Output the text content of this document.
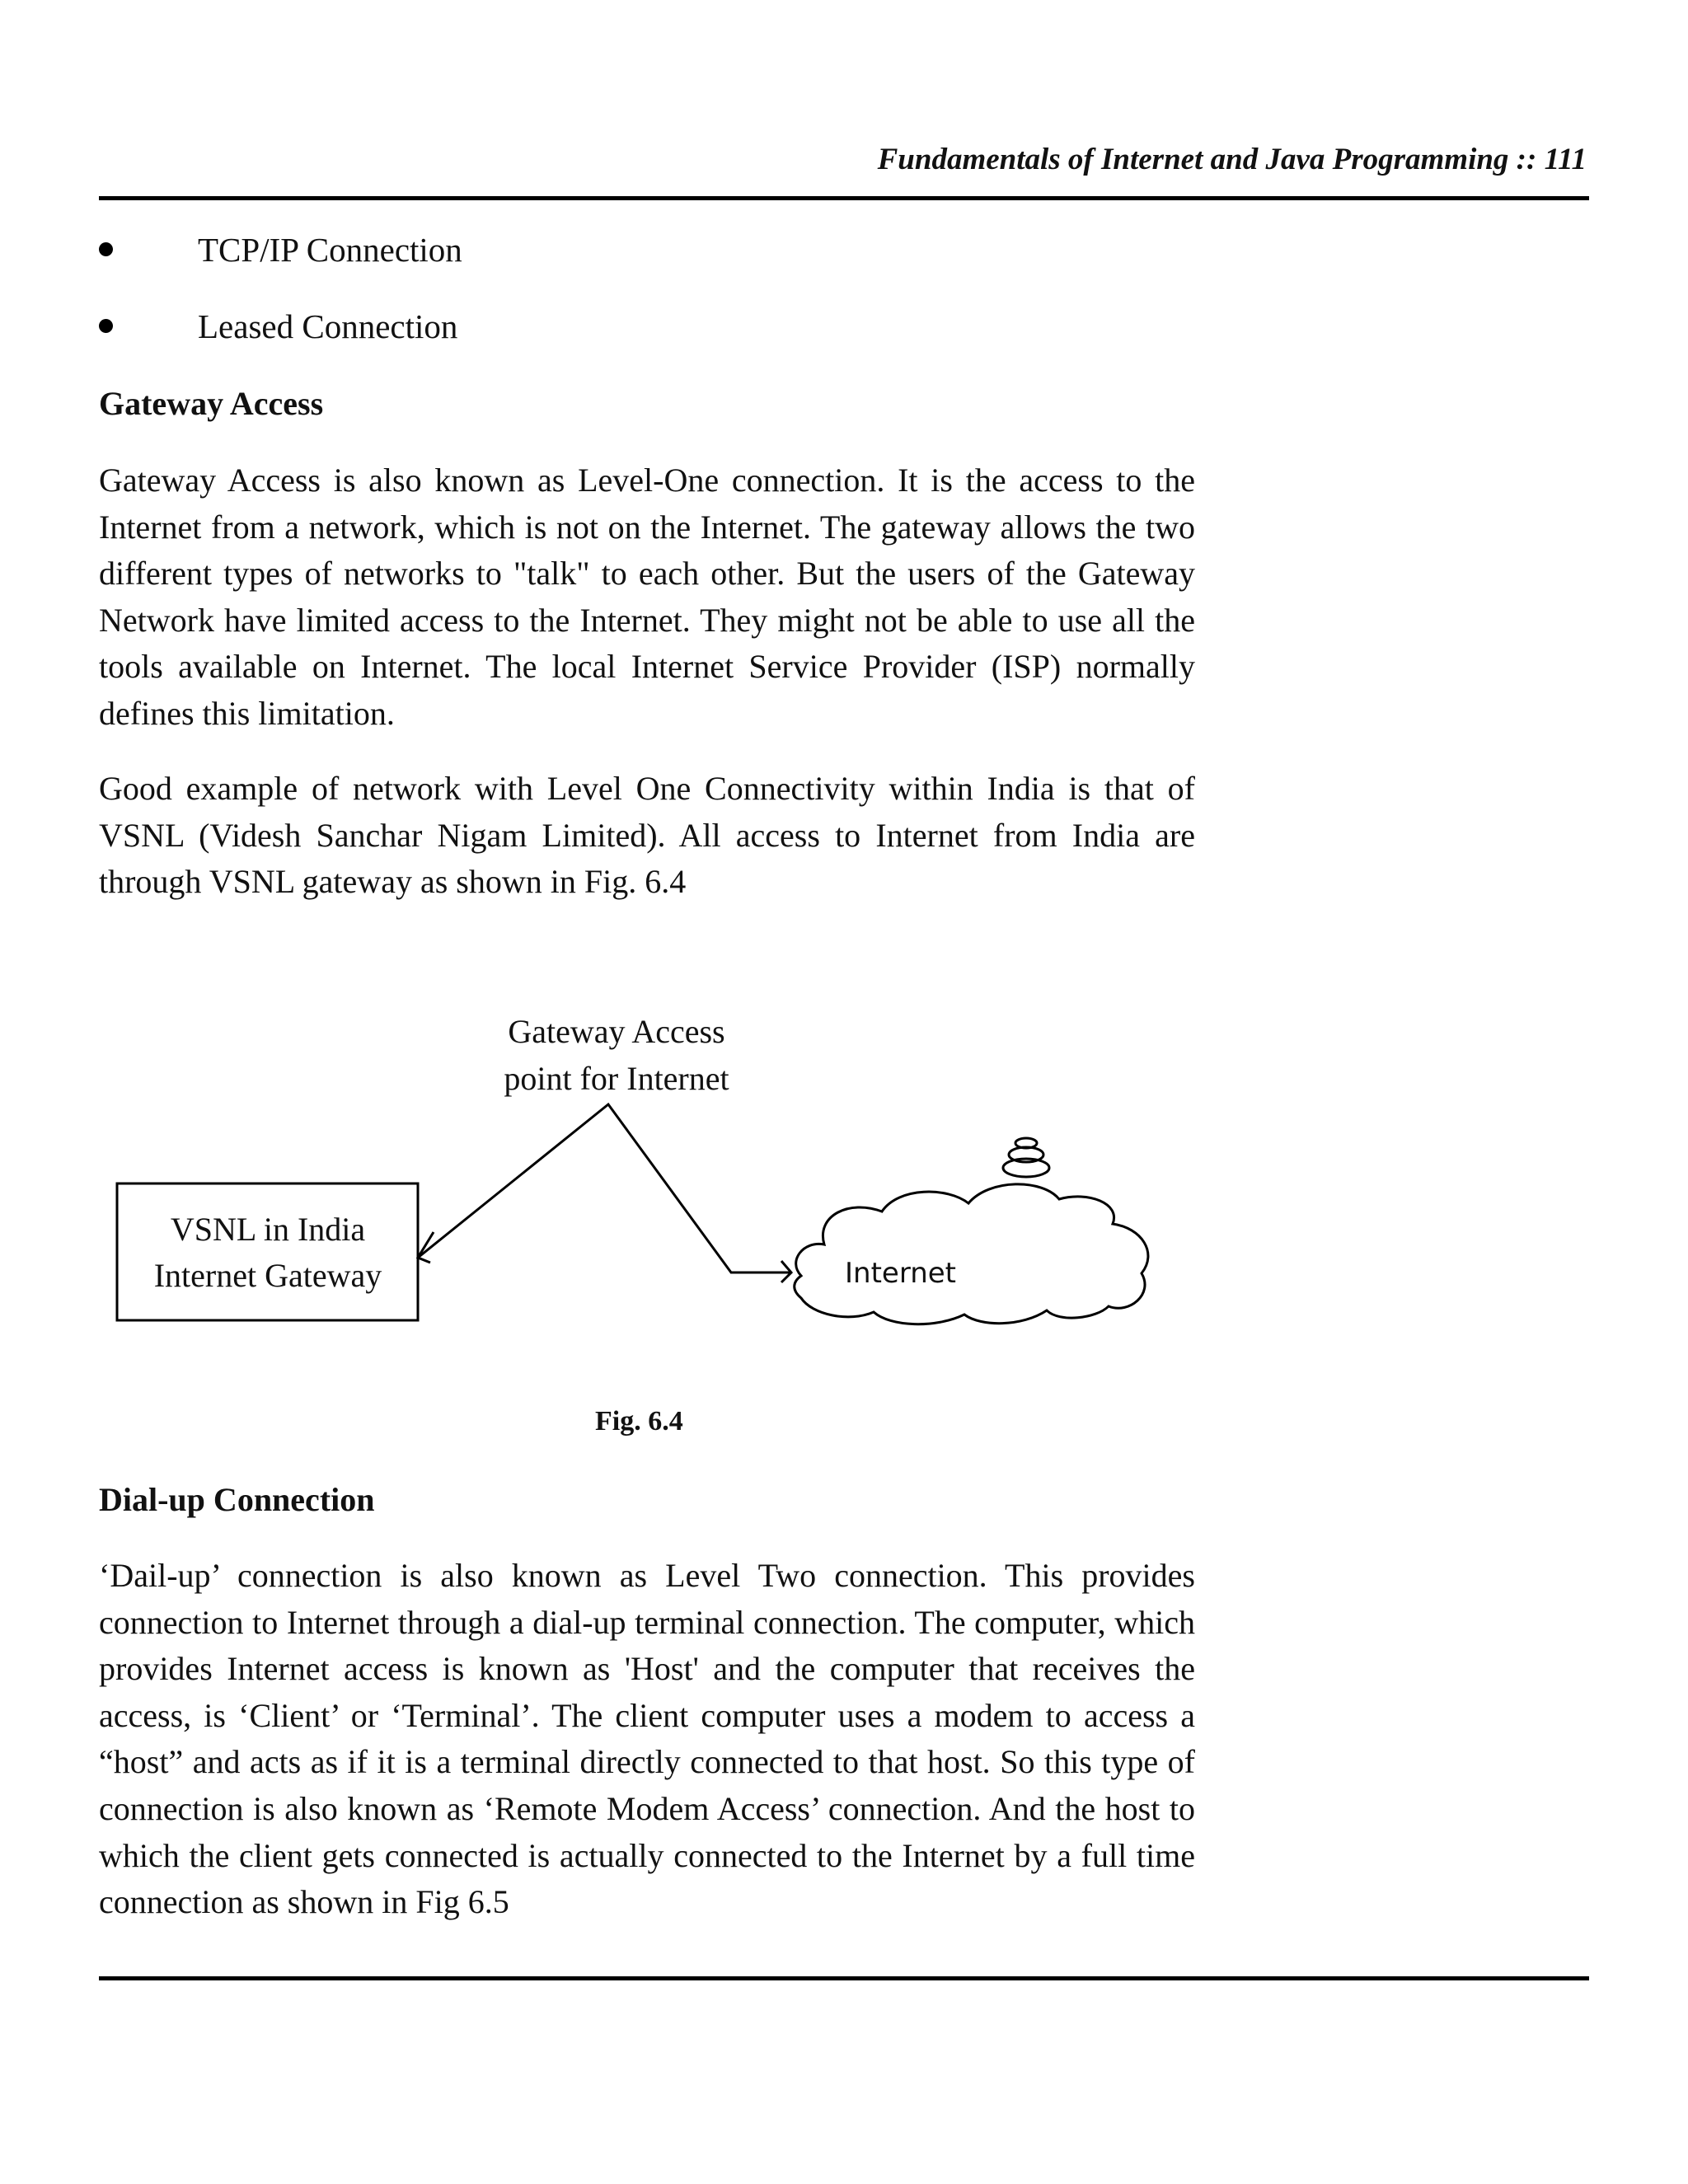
Fundamentals of Internet and Java Programming :: 111
TCP/IP Connection
Leased Connection
Gateway Access

Gateway Access is also known as Level-One connection. It is the access to the Internet from a network, which is not on the Internet. The gateway allows the two different types of networks to "talk" to each other. But the users of the Gateway Network have limited access to the Internet. They might not be able to use all the tools available on Internet. The local Internet Service Provider (ISP) normally defines this limitation.

Good example of network with Level One Connectivity within India is that of VSNL (Videsh Sanchar Nigam Limited). All access to Internet from India are through VSNL gateway as shown in Fig. 6.4

Gateway Access
point for Internet
VSNL in India
Internet Gateway	Internet
Fig. 6.4
Dial-up Connection

‘Dail-up’ connection is also known as Level Two connection. This provides connection to Internet through a dial-up terminal connection. The computer, which provides Internet access is known as 'Host' and the computer that receives the access, is ‘Client’ or ‘Terminal’. The client computer uses a modem to access a “host” and acts as if it is a terminal directly connected to that host. So this type of connection is also known as ‘Remote Modem Access’ connection. And the host to which the client gets connected is actually connected to the Internet by a full time connection as shown in Fig 6.5
